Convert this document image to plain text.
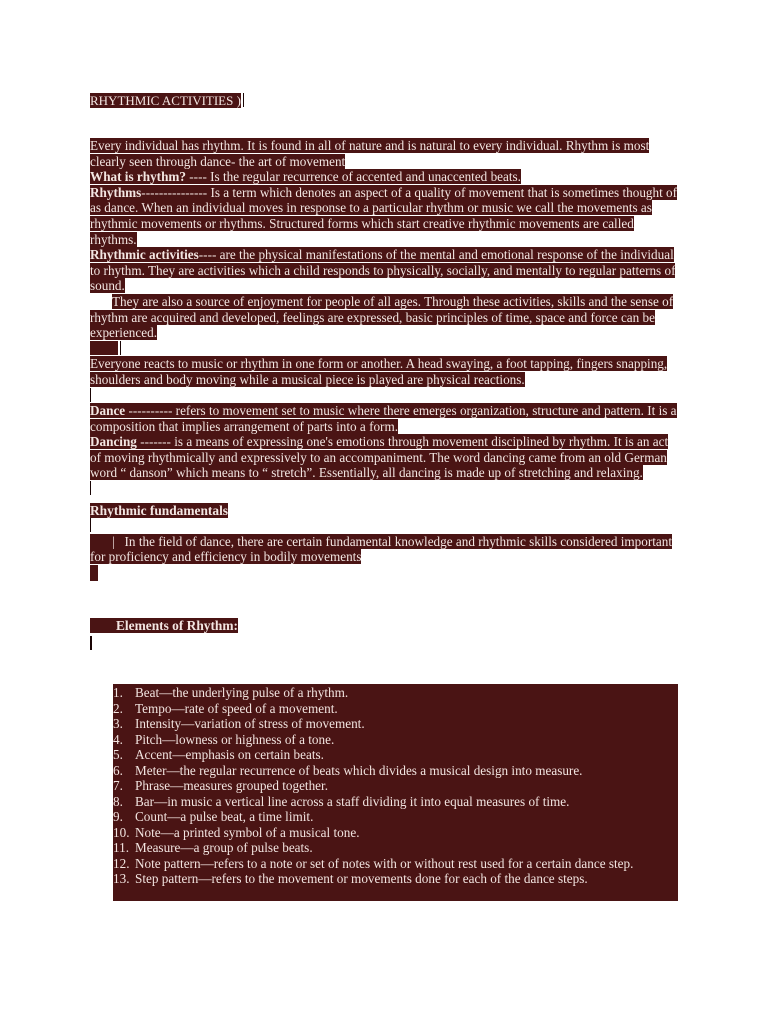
RHYTHMIC ACTIVITIES )

Every individual has rhythm. It is found in all of nature and is natural to every individual. Rhythm is most clearly seen through dance- the art of movement

What is rhythm? ---- Is the regular recurrence of accented and unaccented beats.

Rhythms--------------- Is a term which denotes an aspect of a quality of movement that is sometimes thought of as dance. When an individual moves in response to a particular rhythm or music we call the movements as rhythmic movements or rhythms. Structured forms which start creative rhythmic movements are called rhythms.

Rhythmic activities---- are the physical manifestations of the mental and emotional response of the individual to rhythm. They are activities which a child responds to physically, socially, and mentally to regular patterns of sound.

They are also a source of enjoyment for people of all ages. Through these activities, skills and the sense of rhythm are acquired and developed, feelings are expressed, basic principles of time, space and force can be experienced.

Everyone reacts to music or rhythm in one form or another. A head swaying, a foot tapping, fingers snapping, shoulders and body moving while a musical piece is played are physical reactions.

Dance ---------- refers to movement set to music where there emerges organization, structure and pattern. It is a composition that implies arrangement of parts into a form.

Dancing ------- is a means of expressing one's emotions through movement disciplined by rhythm. It is an act of moving rhythmically and expressively to an accompaniment. The word dancing came from an old German word “ danson” which means to “ stretch”. Essentially, all dancing is made up of stretching and relaxing.

Rhythmic fundamentals

|   In the field of dance, there are certain fundamental knowledge and rhythmic skills considered important for proficiency and efficiency in bodily movements

Elements of Rhythm:
1. Beat—the underlying pulse of a rhythm.
2. Tempo—rate of speed of a movement.
3. Intensity—variation of stress of movement.
4. Pitch—lowness or highness of a tone.
5. Accent—emphasis on certain beats.
6. Meter—the regular recurrence of beats which divides a musical design into measure.
7. Phrase—measures grouped together.
8. Bar—in music a vertical line across a staff dividing it into equal measures of time.
9. Count—a pulse beat, a time limit.
10. Note—a printed symbol of a musical tone.
11. Measure—a group of pulse beats.
12. Note pattern—refers to a note or set of notes with or without rest used for a certain dance step.
13. Step pattern—refers to the movement or movements done for each of the dance steps.
